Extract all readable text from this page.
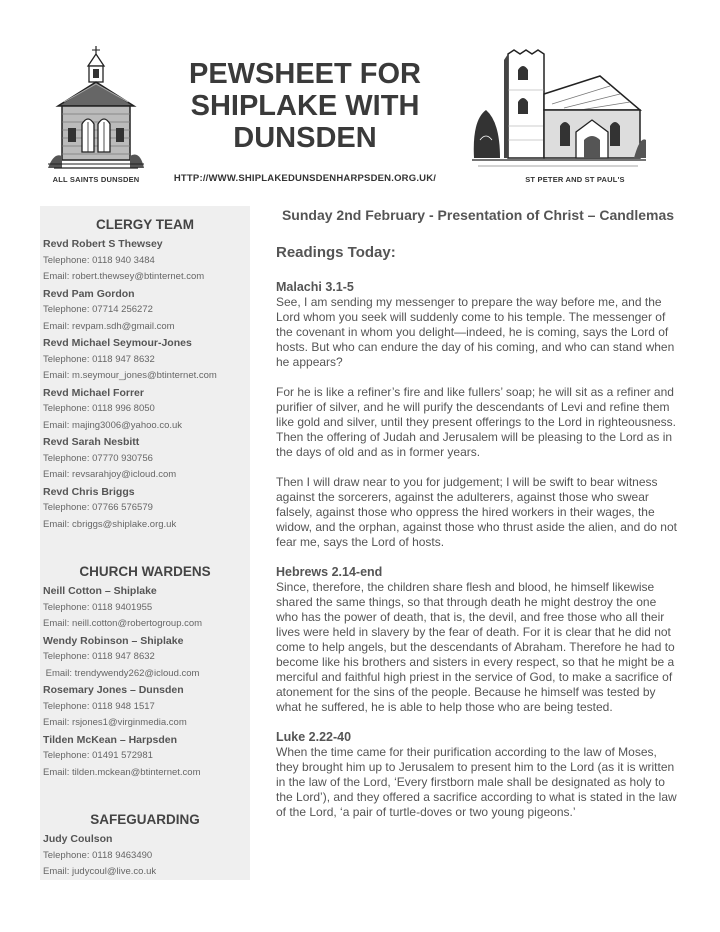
PEWSHEET FOR SHIPLAKE WITH DUNSDEN
ALL SAINTS DUNSDEN	HTTP://WWW.SHIPLAKEDUNSDENHARPSDEN.ORG.UK/	ST PETER AND ST PAUL'S
CLERGY TEAM
Revd Robert S Thewsey
Telephone: 0118 940 3484
Email: robert.thewsey@btinternet.com
Revd Pam Gordon
Telephone: 07714 256272
Email: revpam.sdh@gmail.com
Revd Michael Seymour-Jones
Telephone: 0118 947 8632
Email: m.seymour_jones@btinternet.com
Revd Michael Forrer
Telephone: 0118 996 8050
Email: majing3006@yahoo.co.uk
Revd Sarah Nesbitt
Telephone: 07770 930756
Email: revsarahjoy@icloud.com
Revd Chris Briggs
Telephone: 07766 576579
Email: cbriggs@shiplake.org.uk
CHURCH WARDENS
Neill Cotton – Shiplake
Telephone: 0118 9401955
Email: neill.cotton@robertogroup.com
Wendy Robinson – Shiplake
Telephone: 0118 947 8632
Email: trendywendy262@icloud.com
Rosemary Jones – Dunsden
Telephone: 0118 948 1517
Email: rsjones1@virginmedia.com
Tilden McKean – Harpsden
Telephone: 01491 572981
Email: tilden.mckean@btinternet.com
SAFEGUARDING
Judy Coulson
Telephone: 0118 9463490
Email: judycoul@live.co.uk
Sunday 2nd February - Presentation of Christ – Candlemas
Readings Today:
Malachi 3.1-5
See, I am sending my messenger to prepare the way before me, and the Lord whom you seek will suddenly come to his temple. The messenger of the covenant in whom you delight—indeed, he is coming, says the Lord of hosts. But who can endure the day of his coming, and who can stand when he appears?
For he is like a refiner’s fire and like fullers’ soap; he will sit as a refiner and purifier of silver, and he will purify the descendants of Levi and refine them like gold and silver, until they present offerings to the Lord in righteousness. Then the offering of Judah and Jerusalem will be pleasing to the Lord as in the days of old and as in former years.
Then I will draw near to you for judgement; I will be swift to bear witness against the sorcerers, against the adulterers, against those who swear falsely, against those who oppress the hired workers in their wages, the widow, and the orphan, against those who thrust aside the alien, and do not fear me, says the Lord of hosts.
Hebrews 2.14-end
Since, therefore, the children share flesh and blood, he himself likewise shared the same things, so that through death he might destroy the one who has the power of death, that is, the devil, and free those who all their lives were held in slavery by the fear of death. For it is clear that he did not come to help angels, but the descendants of Abraham. Therefore he had to become like his brothers and sisters in every respect, so that he might be a merciful and faithful high priest in the service of God, to make a sacrifice of atonement for the sins of the people. Because he himself was tested by what he suffered, he is able to help those who are being tested.
Luke 2.22-40
When the time came for their purification according to the law of Moses, they brought him up to Jerusalem to present him to the Lord (as it is written in the law of the Lord, ‘Every firstborn male shall be designated as holy to the Lord’), and they offered a sacrifice according to what is stated in the law of the Lord, ‘a pair of turtle-doves or two young pigeons.’
